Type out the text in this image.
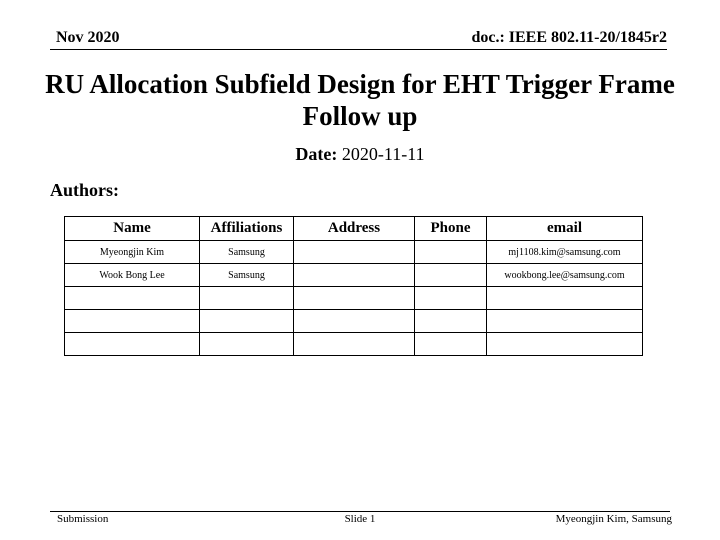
Nov 2020	doc.: IEEE 802.11-20/1845r2
RU Allocation Subfield Design for EHT Trigger Frame
Follow up
Date: 2020-11-11
Authors:
Name	Affiliations	Address	Phone	email
Myeongjin Kim	Samsung			mj1108.kim@samsung.com
Wook Bong Lee	Samsung			wookbong.lee@samsung.com

Submission	Slide 1	Myeongjin Kim, Samsung
